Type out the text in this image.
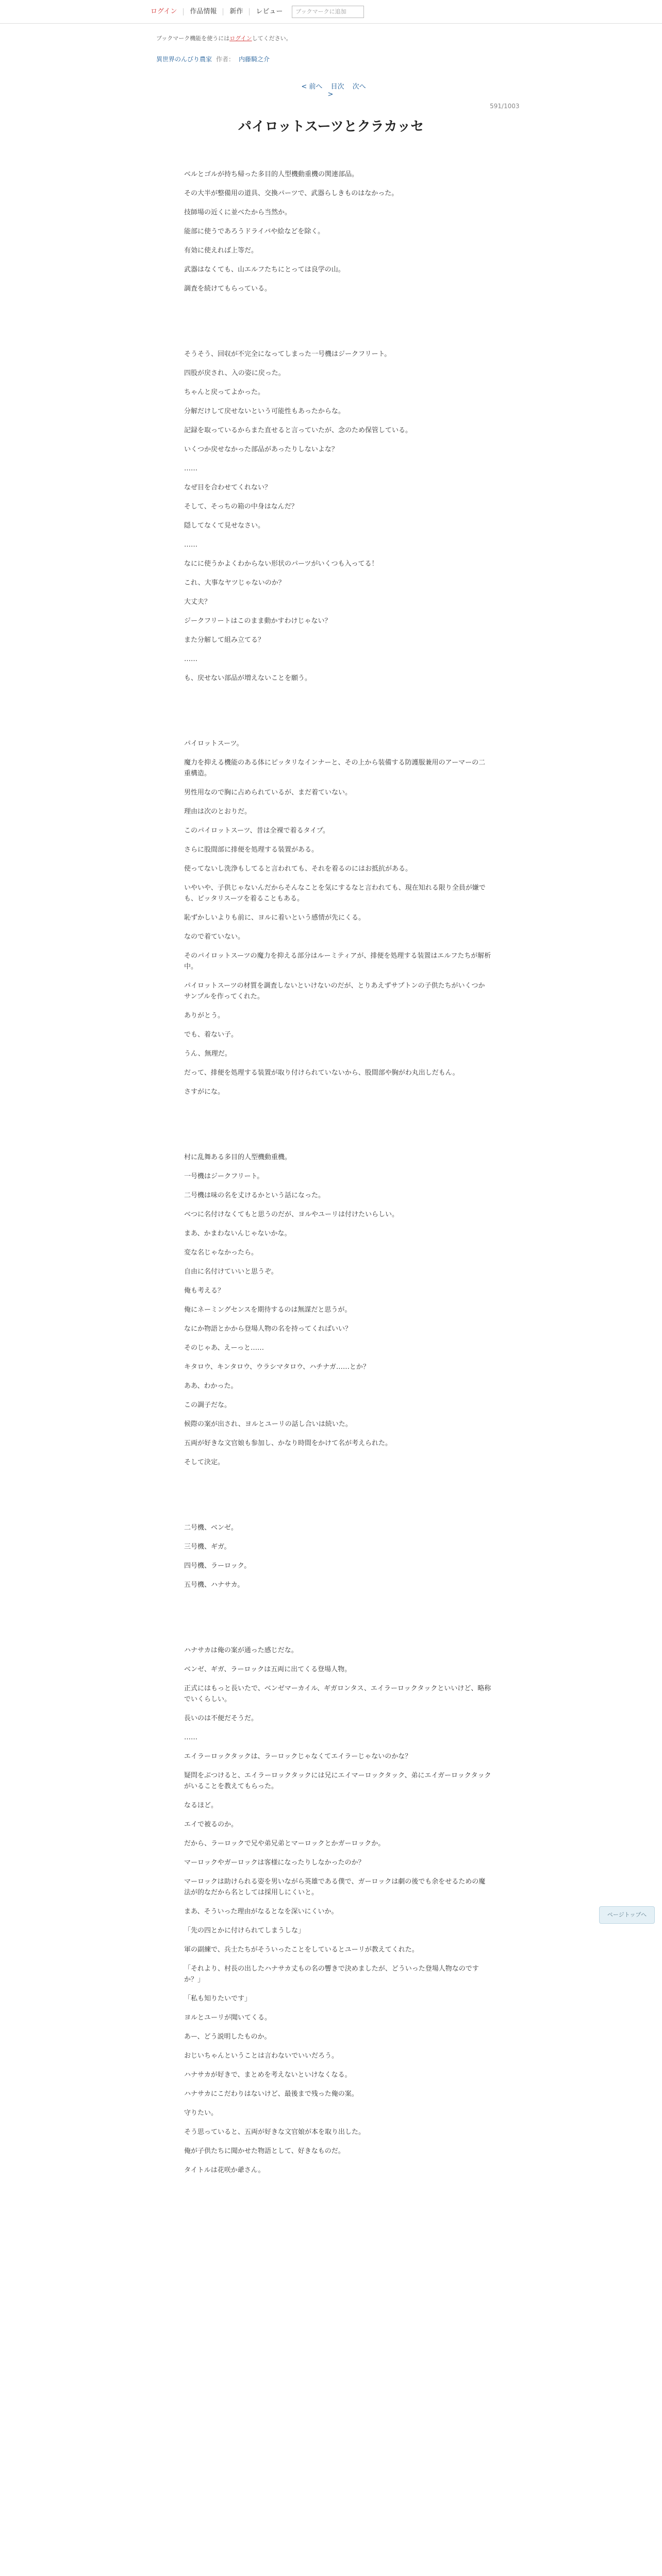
ログイン	作品情報	新作	レビュー	ブックマークに追加
ブックマーク機能を使うにはログインしてください。
異世界のんびり農家 作者： 内藤騎之介
< 前へ 目次 次へ >
591/1003
パイロットスーツとクラカッセ

ベルとゴルが持ち帰った多目的人型機動重機の関連部品。

その大半が整備用の道具、交換パーツで、武器らしきものはなかった。

技師場の近くに並べたから当然か。

能部に使うであろうドライバや絵などを除く。

有効に使えれば上等だ。

武器はなくても、山エルフたちにとっては良学の山。

調査を続けてもらっている。

そうそう、回収が不完全になってしまった一号機はジークフリート。

四股が戻され、入の姿に戻った。

ちゃんと戻ってよかった。

分解だけして戻せないという可能性もあったからな。

記録を取っているからまた直せると言っていたが、念のため保管している。

いくつか戻せなかった部品があったりしないよな？

……

なぜ目を合わせてくれない？

そして、そっちの箱の中身はなんだ？

隠してなくて見せなさい。

……

なにに使うかよくわからない形状のパーツがいくつも入ってる！

これ、大事なヤツじゃないのか？

大丈夫？

ジークフリートはこのまま動かすわけじゃない？

また分解して組み立てる？

……

も、戻せない部品が増えないことを願う。

パイロットスーツ。

魔力を抑える機能のある体にピッタリなインナーと、その上から装備する防護服兼用のアーマーの二重構造。

男性用なので胸に占められているが、まだ着ていない。

理由は次のとおりだ。

このパイロットスーツ、昔は全裸で着るタイプ。

さらに股間部に排便を処理する装置がある。

使ってないし洗浄もしてると言われても、それを着るのにはお抵抗がある。

いやいや、子供じゃないんだからそんなことを気にするなと言われても、現在知れる限り全員が嫌でも、ビッタリスーツを着ることもある。

恥ずかしいよりも前に、ヨルに着いという感情が先にくる。

なので着ていない。

そのパイロットスーツの魔力を抑える部分はルーミティアが、排便を処理する装置はエルフたちが解析中。

パイロットスーツの材質を調査しないといけないのだが、とりあえずサプトンの子供たちがいくつかサンプルを作ってくれた。

ありがとう。

でも、着ない子。

うん、無理だ。

だって、排便を処理する装置が取り付けられていないから、股間部や胸がわ丸出しだもん。

さすがにな。

村に乱舞ある多目的人型機動重機。

一号機はジークフリート。

二号機は味の名を丈けるかという話になった。

ベつに名付けなくてもと思うのだが、ヨルやユーリは付けたいらしい。

まあ、かまわないんじゃないかな。

変な名じゃなかったら。

自由に名付けていいと思うぞ。

俺も考える？

俺にネーミングセンスを期待するのは無謀だと思うが。

なにか物語とかから登場人物の名を持ってくればいい？

そのじゃあ、えーっと……

キタロウ、キンタロウ、ウラシマタロウ、ハチナガ……とか？

ああ、わかった。

この調子だな。

候際の案が出され、ヨルとユーリの話し合いは続いた。

五両が好きな文官娘も参加し、かなり時間をかけて名が考えられた。

そして決定。

二号機、ベンゼ。

三号機、ギガ。

四号機、ラーロック。

五号機、ハナサカ。

ハナサカは俺の案が通った感じだな。

ベンゼ、ギガ、ラーロックは五両に出てくる登場人物。

正式にはもっと長いたで、ベンゼマーカイル、ギガロンタス、エイラーロックタックといいけど、略称でいくらしい。

長いのは不便だそうだ。

……

エイラーロックタックは、ラーロックじゃなくてエイラーじゃないのかな？

疑問をぶつけると、エイラーロックタックには兄にエイマーロックタック、弟にエイガーロックタックがいることを教えてもらった。

なるほど。

エイで被るのか。

だから、ラーロックで兄や弟兄弟とマーロックとかガーロックか。

マーロックやガーロックは客様になったりしなかったのか？

マーロックは助けられる姿を男いながら英雄である僕で、ガーロックは劇の後でも余をせるための魔法が的なだから名としては採用しにくいと。

まあ、そういった理由がなるとなを深いにくいか。

「先の四とかに付けられてしまうしな」

軍の副練で、兵士たちがそういったことをしているとユーリが教えてくれた。

「それより、村長の出したハナサカ丈もの名の響きで決めましたが、どういった登場人物なのですか？」

「私も知りたいです」

ヨルとユーリが聞いてくる。

あー、どう説明したものか。

おじいちゃんということは言わないでいいだろう。

ハナサカが好きで、まとめを考えないといけなくなる。

ハナサカにこだわりはないけど、最後まで残った俺の案。

守りたい。

そう思っていると、五両が好きな文官娘が本を取り出した。

俺が子供たちに聞かせた物語として、好きなものだ。

タイトルは花咲か爺さん。

ページトップへ
